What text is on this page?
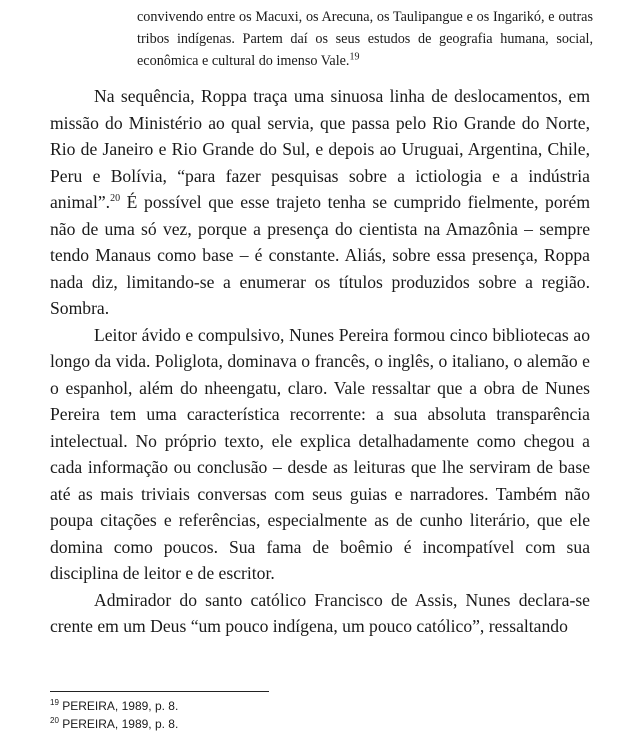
convivendo entre os Macuxi, os Arecuna, os Taulipangue e os Ingarikó, e outras tribos indígenas. Partem daí os seus estudos de geografia humana, social, econômica e cultural do imenso Vale.$^{19}$

Na sequência, Roppa traça uma sinuosa linha de deslocamentos, em missão do Ministério ao qual servia, que passa pelo Rio Grande do Norte, Rio de Janeiro e Rio Grande do Sul, e depois ao Uruguai, Argentina, Chile, Peru e Bolívia, “para fazer pesquisas sobre a ictiologia e a indústria animal”.$^{20}$ É possível que esse trajeto tenha se cumprido fielmente, porém não de uma só vez, porque a presença do cientista na Amazônia – sempre tendo Manaus como base – é constante. Aliás, sobre essa presença, Roppa nada diz, limitando-se a enumerar os títulos produzidos sobre a região. Sombra.

Leitor ávido e compulsivo, Nunes Pereira formou cinco bibliotecas ao longo da vida. Poliglota, dominava o francês, o inglês, o italiano, o alemão e o espanhol, além do nheengatu, claro. Vale ressaltar que a obra de Nunes Pereira tem uma característica recorrente: a sua absoluta transparência intelectual. No próprio texto, ele explica detalhadamente como chegou a cada informação ou conclusão – desde as leituras que lhe serviram de base até as mais triviais conversas com seus guias e narradores. Também não poupa citações e referências, especialmente as de cunho literário, que ele domina como poucos. Sua fama de boêmio é incompatível com sua disciplina de leitor e de escritor.

Admirador do santo católico Francisco de Assis, Nunes declara-se crente em um Deus “um pouco indígena, um pouco católico”, ressaltando

$^{19}$ PEREIRA, 1989, p. 8.

$^{20}$ PEREIRA, 1989, p. 8.
